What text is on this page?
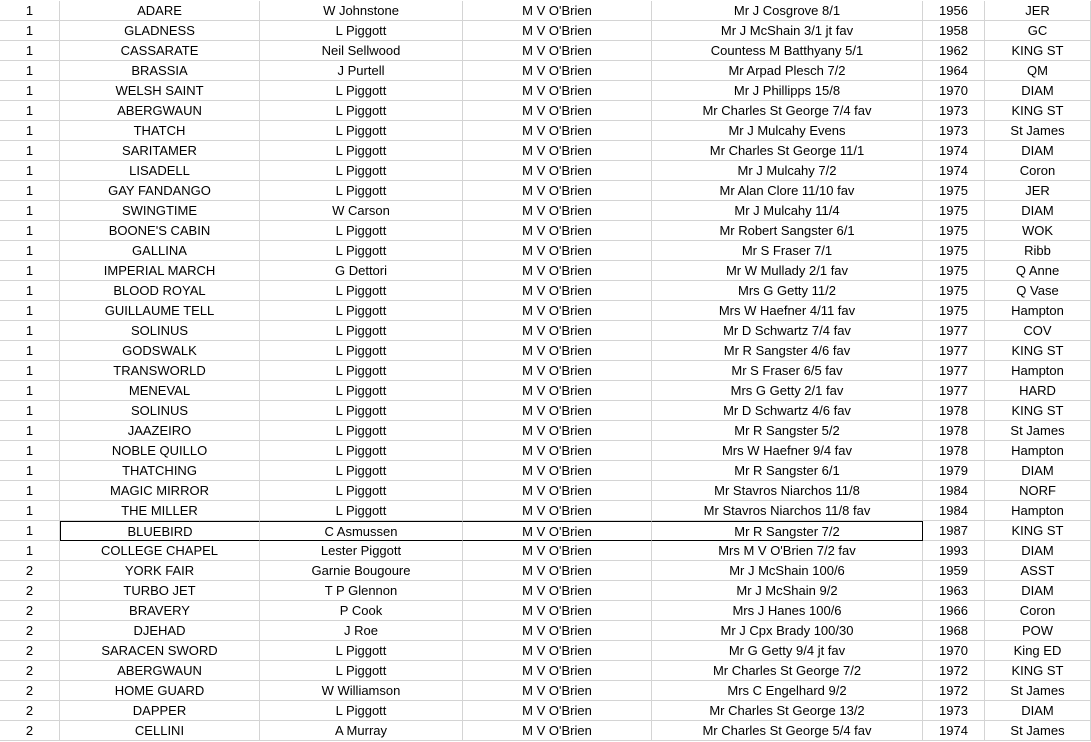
1	ADARE	W Johnstone	M V O'Brien	Mr J Cosgrove 8/1	1956	JER
1	GLADNESS	L Piggott	M V O'Brien	Mr J McShain 3/1 jt fav	1958	GC
1	CASSARATE	Neil Sellwood	M V O'Brien	Countess M Batthyany 5/1	1962	KING ST
1	BRASSIA	J Purtell	M V O'Brien	Mr Arpad Plesch 7/2	1964	QM
1	WELSH SAINT	L Piggott	M V O'Brien	Mr J Phillipps 15/8	1970	DIAM
1	ABERGWAUN	L Piggott	M V O'Brien	Mr Charles St George 7/4 fav	1973	KING ST
1	THATCH	L Piggott	M V O'Brien	Mr J Mulcahy Evens	1973	St James
1	SARITAMER	L Piggott	M V O'Brien	Mr Charles St George 11/1	1974	DIAM
1	LISADELL	L Piggott	M V O'Brien	Mr J Mulcahy 7/2	1974	Coron
1	GAY FANDANGO	L Piggott	M V O'Brien	Mr Alan Clore 11/10 fav	1975	JER
1	SWINGTIME	W Carson	M V O'Brien	Mr J Mulcahy 11/4	1975	DIAM
1	BOONE'S CABIN	L Piggott	M V O'Brien	Mr Robert Sangster 6/1	1975	WOK
1	GALLINA	L Piggott	M V O'Brien	Mr S Fraser 7/1	1975	Ribb
1	IMPERIAL MARCH	G Dettori	M V O'Brien	Mr W Mullady 2/1 fav	1975	Q Anne
1	BLOOD ROYAL	L Piggott	M V O'Brien	Mrs G Getty 11/2	1975	Q Vase
1	GUILLAUME TELL	L Piggott	M V O'Brien	Mrs W Haefner 4/11 fav	1975	Hampton
1	SOLINUS	L Piggott	M V O'Brien	Mr D Schwartz 7/4 fav	1977	COV
1	GODSWALK	L Piggott	M V O'Brien	Mr R Sangster 4/6 fav	1977	KING ST
1	TRANSWORLD	L Piggott	M V O'Brien	Mr S Fraser 6/5 fav	1977	Hampton
1	MENEVAL	L Piggott	M V O'Brien	Mrs G Getty 2/1 fav	1977	HARD
1	SOLINUS	L Piggott	M V O'Brien	Mr D Schwartz 4/6 fav	1978	KING ST
1	JAAZEIRO	L Piggott	M V O'Brien	Mr R Sangster 5/2	1978	St James
1	NOBLE QUILLO	L Piggott	M V O'Brien	Mrs W Haefner 9/4 fav	1978	Hampton
1	THATCHING	L Piggott	M V O'Brien	Mr R Sangster 6/1	1979	DIAM
1	MAGIC MIRROR	L Piggott	M V O'Brien	Mr Stavros Niarchos 11/8	1984	NORF
1	THE MILLER	L Piggott	M V O'Brien	Mr Stavros Niarchos 11/8 fav	1984	Hampton
1	BLUEBIRD	C Asmussen	M V O'Brien	Mr R Sangster 7/2	1987	KING ST
1	COLLEGE CHAPEL	Lester Piggott	M V O'Brien	Mrs M V O'Brien 7/2 fav	1993	DIAM
2	YORK FAIR	Garnie Bougoure	M V O'Brien	Mr J McShain 100/6	1959	ASST
2	TURBO JET	T P Glennon	M V O'Brien	Mr J McShain 9/2	1963	DIAM
2	BRAVERY	P Cook	M V O'Brien	Mrs J Hanes 100/6	1966	Coron
2	DJEHAD	J Roe	M V O'Brien	Mr J Cpx Brady 100/30	1968	POW
2	SARACEN SWORD	L Piggott	M V O'Brien	Mr G Getty 9/4 jt fav	1970	King ED
2	ABERGWAUN	L Piggott	M V O'Brien	Mr Charles St George 7/2	1972	KING ST
2	HOME GUARD	W Williamson	M V O'Brien	Mrs C Engelhard 9/2	1972	St James
2	DAPPER	L Piggott	M V O'Brien	Mr Charles St George 13/2	1973	DIAM
2	CELLINI	A Murray	M V O'Brien	Mr Charles St George 5/4 fav	1974	St James
